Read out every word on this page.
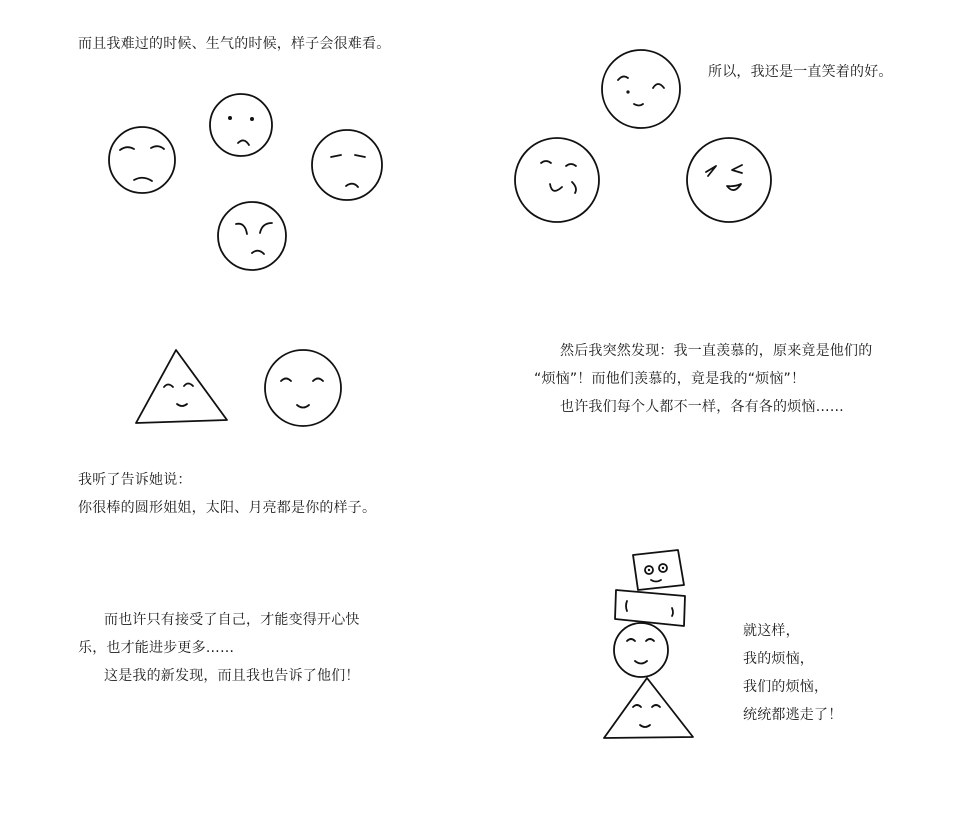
而且我难过的时候、生气的时候，样子会很难看。
所以，我还是一直笑着的好。
然后我突然发现：我一直羡慕的，原来竟是他们的
“烦恼”！而他们羡慕的，竟是我的“烦恼”！
也许我们每个人都不一样，各有各的烦恼……
我听了告诉她说：
你很棒的圆形姐姐，太阳、月亮都是你的样子。
而也许只有接受了自己，才能变得开心快
乐，也才能进步更多……
这是我的新发现，而且我也告诉了他们！
就这样，
我的烦恼，
我们的烦恼，
统统都逃走了！
